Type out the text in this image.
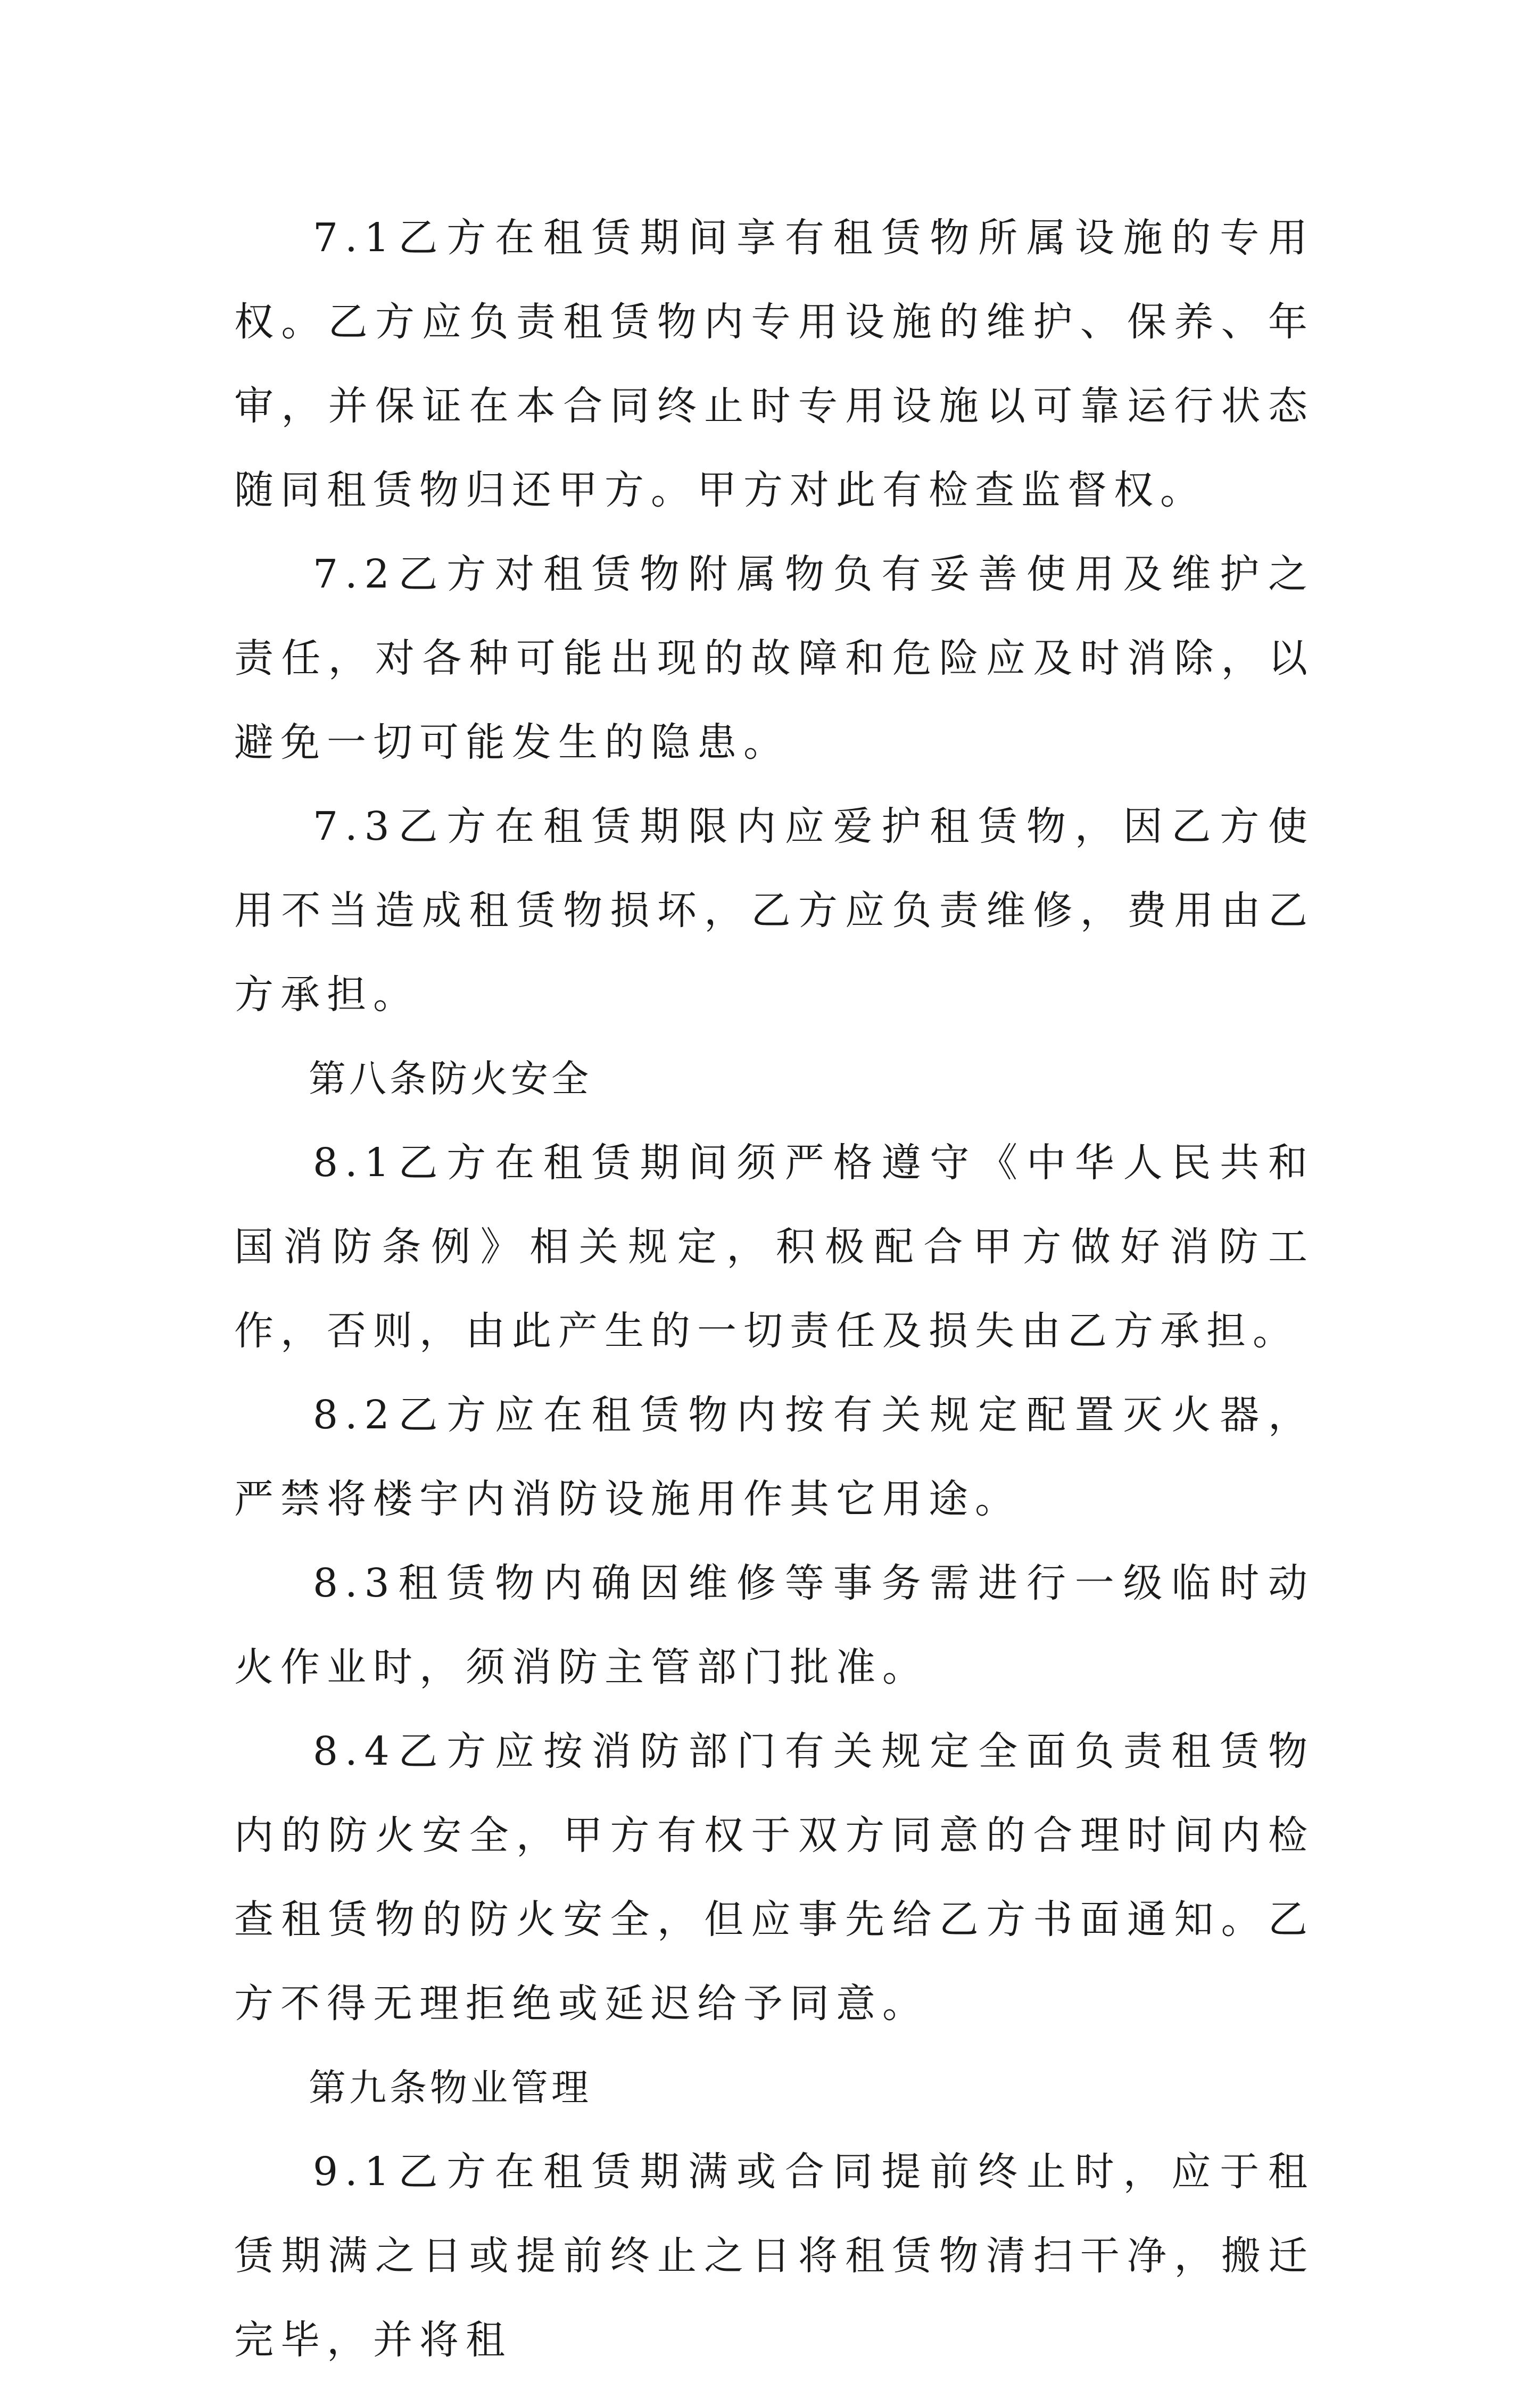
7.1乙方在租赁期间享有租赁物所属设施的专用权。乙方应负责租赁物内专用设施的维护、保养、年审，并保证在本合同终止时专用设施以可靠运行状态随同租赁物归还甲方。甲方对此有检查监督权。

7.2乙方对租赁物附属物负有妥善使用及维护之责任，对各种可能出现的故障和危险应及时消除，以避免一切可能发生的隐患。

7.3乙方在租赁期限内应爱护租赁物，因乙方使用不当造成租赁物损坏，乙方应负责维修，费用由乙方承担。

第八条防火安全

8.1乙方在租赁期间须严格遵守《中华人民共和国消防条例》相关规定，积极配合甲方做好消防工作，否则，由此产生的一切责任及损失由乙方承担。

8.2乙方应在租赁物内按有关规定配置灭火器，严禁将楼宇内消防设施用作其它用途。

8.3租赁物内确因维修等事务需进行一级临时动火作业时，须消防主管部门批准。

8.4乙方应按消防部门有关规定全面负责租赁物内的防火安全，甲方有权于双方同意的合理时间内检查租赁物的防火安全，但应事先给乙方书面通知。乙方不得无理拒绝或延迟给予同意。

第九条物业管理

9.1乙方在租赁期满或合同提前终止时，应于租赁期满之日或提前终止之日将租赁物清扫干净，搬迁完毕，并将租
